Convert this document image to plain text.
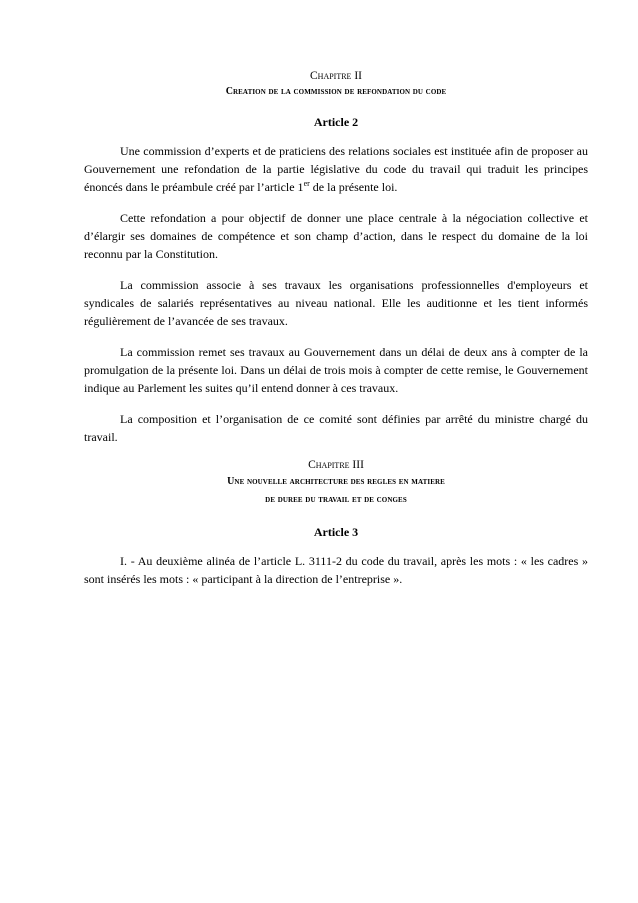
Chapitre II
Creation de la commission de refondation du code
Article 2

Une commission d’experts et de praticiens des relations sociales est instituée afin de proposer au Gouvernement une refondation de la partie législative du code du travail qui traduit les principes énoncés dans le préambule créé par l’article 1er de la présente loi.

Cette refondation a pour objectif de donner une place centrale à la négociation collective et d’élargir ses domaines de compétence et son champ d’action, dans le respect du domaine de la loi reconnu par la Constitution.

La commission associe à ses travaux les organisations professionnelles d'employeurs et syndicales de salariés représentatives au niveau national. Elle les auditionne et les tient informés régulièrement de l’avancée de ses travaux.

La commission remet ses travaux au Gouvernement dans un délai de deux ans à compter de la promulgation de la présente loi. Dans un délai de trois mois à compter de cette remise, le Gouvernement indique au Parlement les suites qu’il entend donner à ces travaux.

La composition et l’organisation de ce comité sont définies par arrêté du ministre chargé du travail.

Chapitre III
Une nouvelle architecture des regles en matiere
de duree du travail et de conges
Article 3

I. - Au deuxième alinéa de l’article L. 3111-2 du code du travail, après les mots : « les cadres » sont insérés les mots : « participant à la direction de l’entreprise ».
